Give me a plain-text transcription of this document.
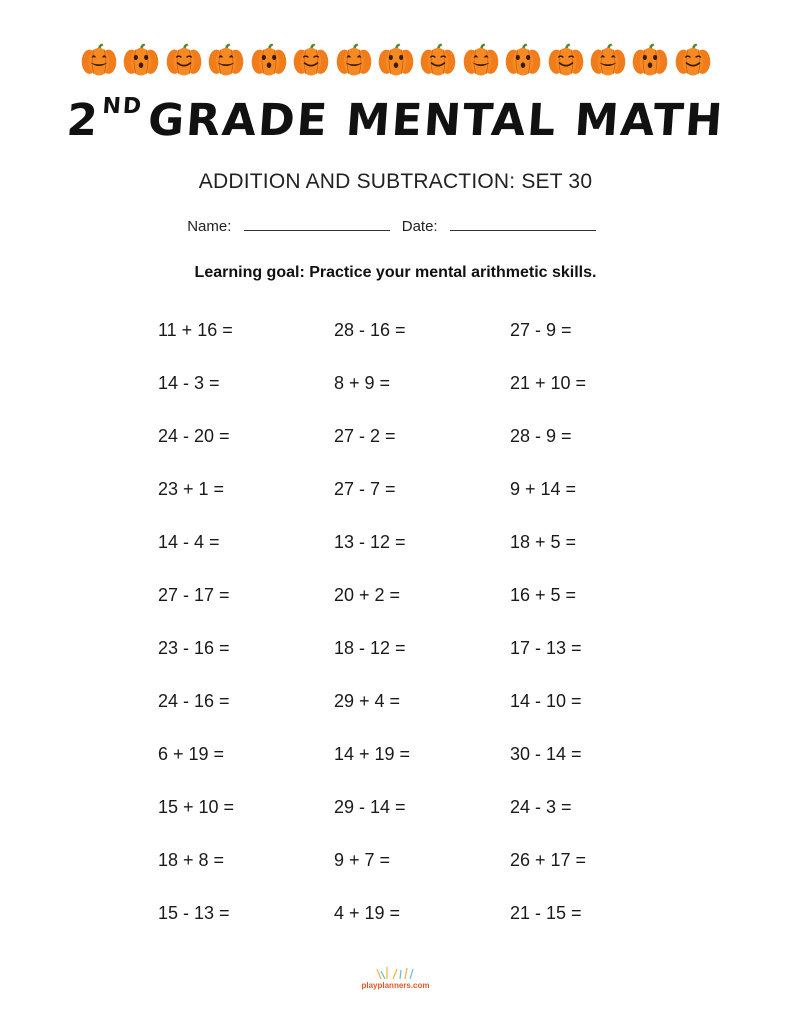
2NDGRADE MENTAL MATH
ADDITION AND SUBTRACTION: SET 30
Name:	Date:
Learning goal: Practice your mental arithmetic skills.
11 + 16 =	28 - 16 =	27 - 9 =
14 - 3 =	8 + 9 =	21 + 10 =
24 - 20 =	27 - 2 =	28 - 9 =
23 + 1 =	27 - 7 =	9 + 14 =
14 - 4 =	13 - 12 =	18 + 5 =
27 - 17 =	20 + 2 =	16 + 5 =
23 - 16 =	18 - 12 =	17 - 13 =
24 - 16 =	29 + 4 =	14 - 10 =
6 + 19 =	14 + 19 =	30 - 14 =
15 + 10 =	29 - 14 =	24 - 3 =
18 + 8 =	9 + 7 =	26 + 17 =
15 - 13 =	4 + 19 =	21 - 15 =
playplanners.com
